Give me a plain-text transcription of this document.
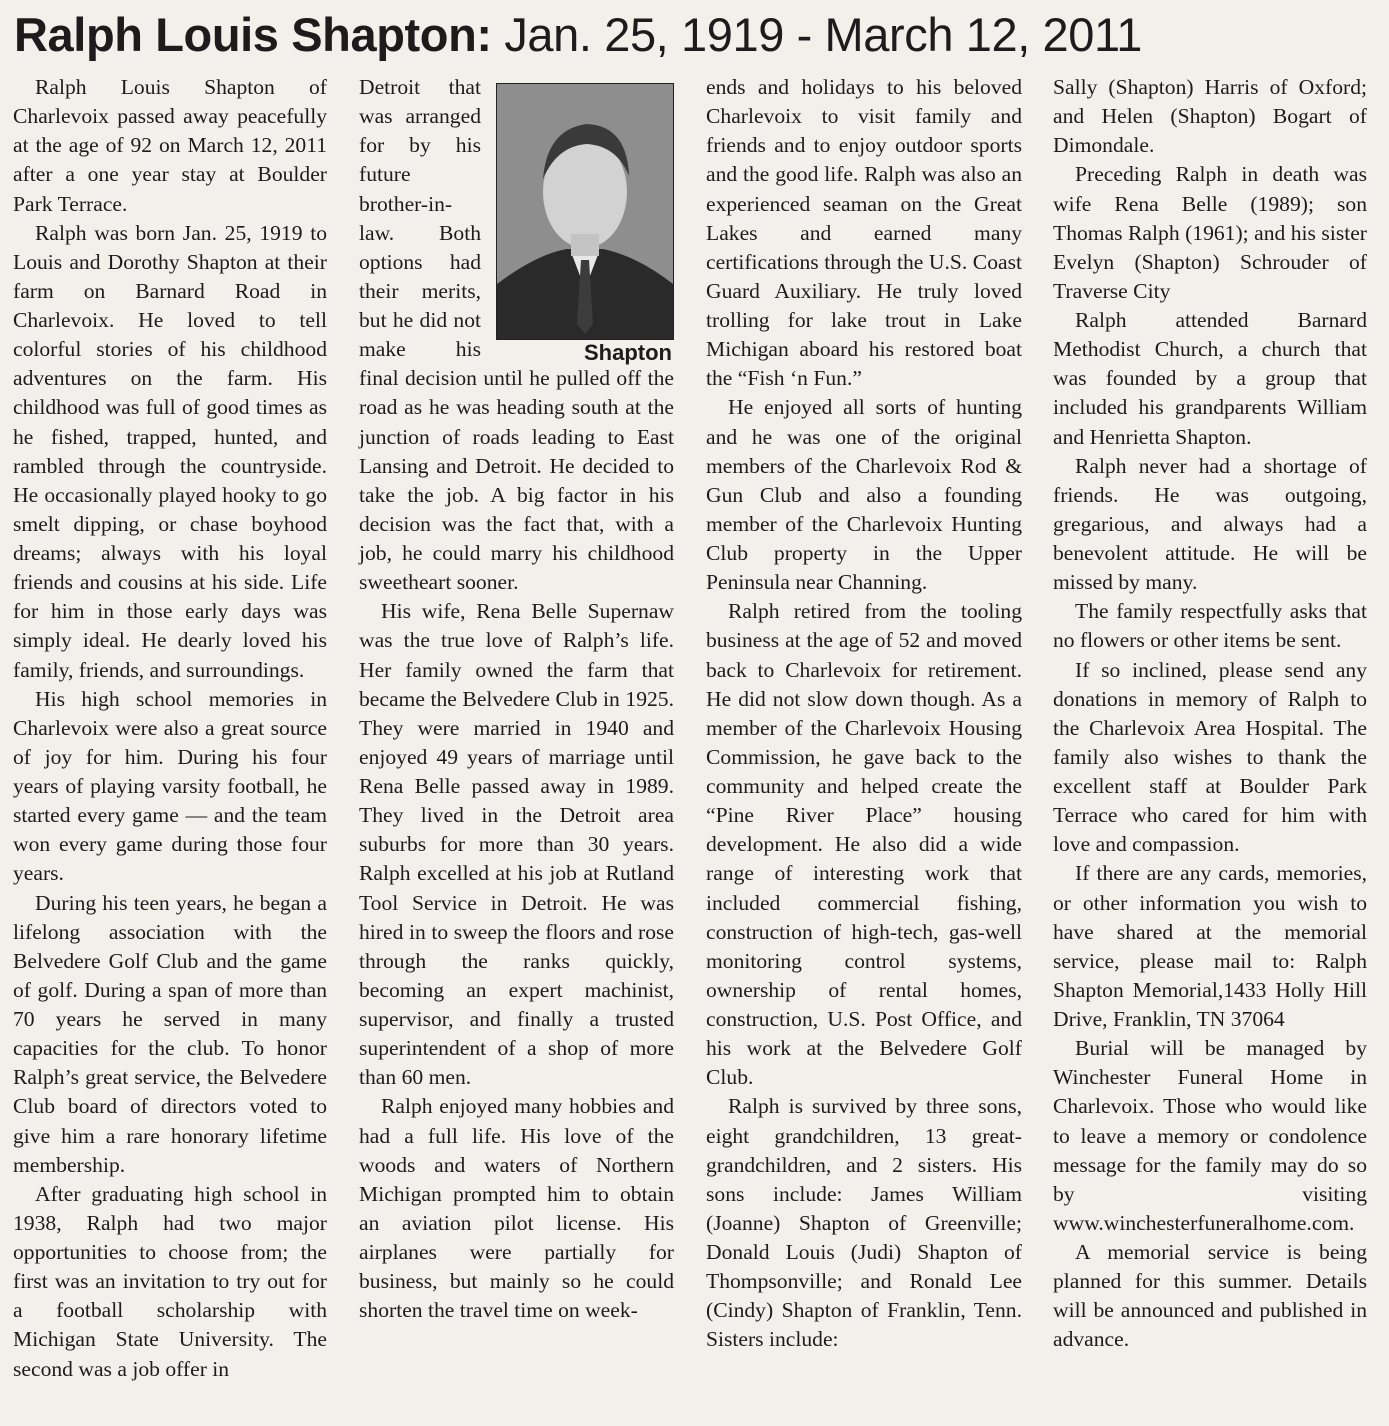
Ralph Louis Shapton: Jan. 25, 1919 - March 12, 2011

Ralph Louis Shapton of Charlevoix passed away peacefully at the age of 92 on March 12, 2011 after a one year stay at Boulder Park Terrace.

Ralph was born Jan. 25, 1919 to Louis and Dorothy Shapton at their farm on Barnard Road in Charlevoix. He loved to tell colorful stories of his childhood adventures on the farm. His childhood was full of good times as he fished, trapped, hunted, and rambled through the countryside. He occasionally played hooky to go smelt dipping, or chase boyhood dreams; always with his loyal friends and cousins at his side. Life for him in those early days was simply ideal. He dearly loved his family, friends, and surroundings.

His high school memories in Charlevoix were also a great source of joy for him. During his four years of playing varsity football, he started every game — and the team won every game during those four years.

During his teen years, he began a lifelong association with the Belvedere Golf Club and the game of golf. During a span of more than 70 years he served in many capacities for the club. To honor Ralph’s great service, the Belvedere Club board of directors voted to give him a rare honorary lifetime membership.

After graduating high school in 1938, Ralph had two major opportunities to choose from; the first was an invitation to try out for a football scholarship with Michigan State University. The second was a job offer in

Shapton

Detroit that was arranged for by his future brother-in-law. Both options had their merits, but he did not make his final decision until he pulled off the road as he was heading south at the junction of roads leading to East Lansing and Detroit. He decided to take the job. A big factor in his decision was the fact that, with a job, he could marry his childhood sweetheart sooner.

His wife, Rena Belle Supernaw was the true love of Ralph’s life. Her family owned the farm that became the Belvedere Club in 1925. They were married in 1940 and enjoyed 49 years of marriage until Rena Belle passed away in 1989. They lived in the Detroit area suburbs for more than 30 years. Ralph excelled at his job at Rutland Tool Service in Detroit. He was hired in to sweep the floors and rose through the ranks quickly, becoming an expert machinist, supervisor, and finally a trusted superintendent of a shop of more than 60 men.

Ralph enjoyed many hobbies and had a full life. His love of the woods and waters of Northern Michigan prompted him to obtain an aviation pilot license. His airplanes were partially for business, but mainly so he could shorten the travel time on week-

ends and holidays to his beloved Charlevoix to visit family and friends and to enjoy outdoor sports and the good life. Ralph was also an experienced seaman on the Great Lakes and earned many certifications through the U.S. Coast Guard Auxiliary. He truly loved trolling for lake trout in Lake Michigan aboard his restored boat the “Fish ‘n Fun.”

He enjoyed all sorts of hunting and he was one of the original members of the Charlevoix Rod & Gun Club and also a founding member of the Charlevoix Hunting Club property in the Upper Peninsula near Channing.

Ralph retired from the tooling business at the age of 52 and moved back to Charlevoix for retirement. He did not slow down though. As a member of the Charlevoix Housing Commission, he gave back to the community and helped create the “Pine River Place” housing development. He also did a wide range of interesting work that included commercial fishing, construction of high-tech, gas-well monitoring control systems, ownership of rental homes, construction, U.S. Post Office, and his work at the Belvedere Golf Club.

Ralph is survived by three sons, eight grandchildren, 13 great-grandchildren, and 2 sisters. His sons include: James William (Joanne) Shapton of Greenville; Donald Louis (Judi) Shapton of Thompsonville; and Ronald Lee (Cindy) Shapton of Franklin, Tenn. Sisters include:

Sally (Shapton) Harris of Oxford; and Helen (Shapton) Bogart of Dimondale.

Preceding Ralph in death was wife Rena Belle (1989); son Thomas Ralph (1961); and his sister Evelyn (Shapton) Schrouder of Traverse City

Ralph attended Barnard Methodist Church, a church that was founded by a group that included his grandparents William and Henrietta Shapton.

Ralph never had a shortage of friends. He was outgoing, gregarious, and always had a benevolent attitude. He will be missed by many.

The family respectfully asks that no flowers or other items be sent.

If so inclined, please send any donations in memory of Ralph to the Charlevoix Area Hospital. The family also wishes to thank the excellent staff at Boulder Park Terrace who cared for him with love and compassion.

If there are any cards, memories, or other information you wish to have shared at the memorial service, please mail to: Ralph Shapton Memorial,1433 Holly Hill Drive, Franklin, TN 37064

Burial will be managed by Winchester Funeral Home in Charlevoix. Those who would like to leave a memory or condolence message for the family may do so by visiting www.winchesterfuneralhome.com.

A memorial service is being planned for this summer. Details will be announced and published in advance.
